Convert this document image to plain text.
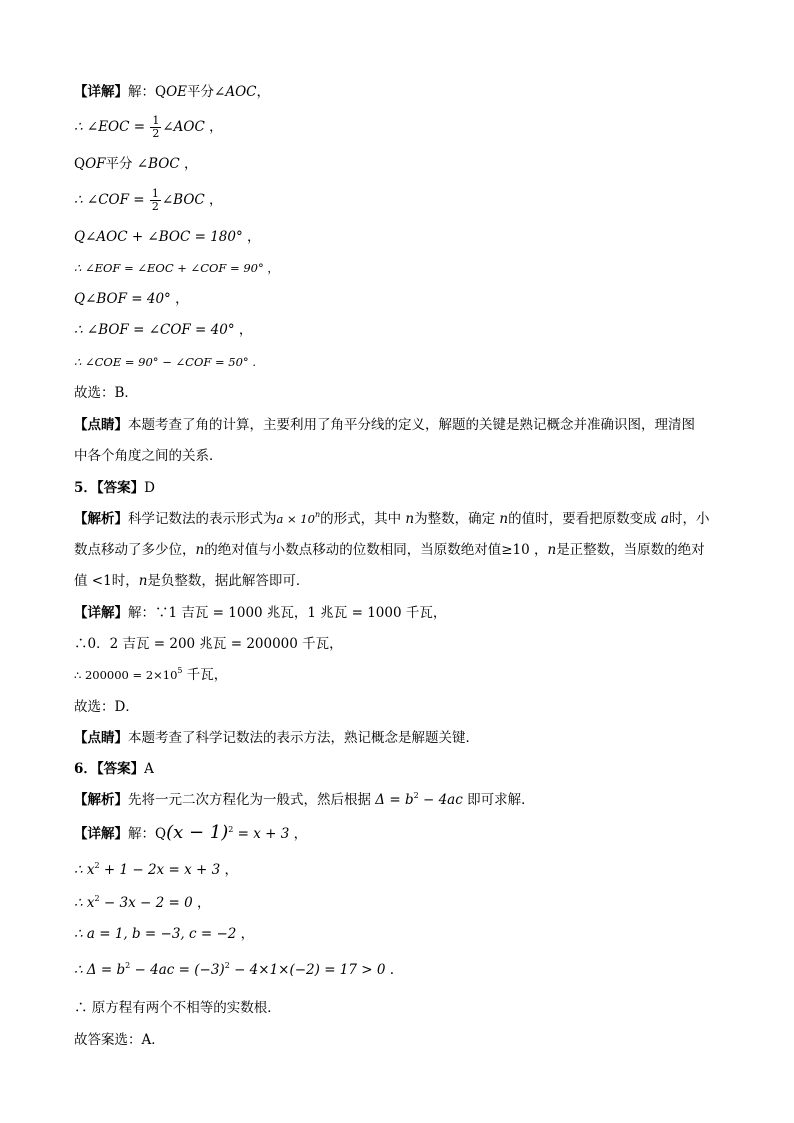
【详解】解：QOE平分∠AOC，
∴ ∠EOC = $\frac{1}{2}$ ∠AOC ，
QOF平分 ∠BOC ，
∴ ∠COF = $\frac{1}{2}$ ∠BOC ，
Q∠AOC + ∠BOC = 180° ，
∴ ∠EOF = ∠EOC + ∠COF = 90° ，
Q∠BOF = 40° ，
∴ ∠BOF = ∠COF = 40° ，
∴ ∠COE = 90° − ∠COF = 50° .
故选：B．
【点睛】本题考查了角的计算，主要利用了角平分线的定义，解题的关键是熟记概念并准确识图，理清图
中各个角度之间的关系．
5．【答案】D
【解析】科学记数法的表示形式为$a \times 10^n$的形式，其中 n为整数，确定 n的值时，要看把原数变成 a时，小
数点移动了多少位，n的绝对值与小数点移动的位数相同，当原数绝对值≥10 ，n是正整数，当原数的绝对
值 <1时，n是负整数，据此解答即可．
【详解】解：∵1 吉瓦 = 1000 兆瓦，1 兆瓦 = 1000 千瓦，
∴0．2 吉瓦 = 200 兆瓦 = 200000 千瓦，
∴ $200000 = 2\times 10^5$ 千瓦，
故选：D．
【点睛】本题考查了科学记数法的表示方法，熟记概念是解题关键．
6．【答案】A
【解析】先将一元二次方程化为一般式，然后根据 $\Delta = b^2 - 4ac$ 即可求解．
【详解】解：$Q(x - 1)^2 = x + 3$ ，
∴ $x^2 + 1 - 2x = x + 3$ ，
∴ $x^2 - 3x - 2 = 0$ ，
∴ a = 1, b = −3, c = −2 ，
∴ $\Delta = b^2 - 4ac = (-3)^2 - 4\times 1\times(-2) = 17 > 0$ .
∴ 原方程有两个不相等的实数根．
故答案选：A．
